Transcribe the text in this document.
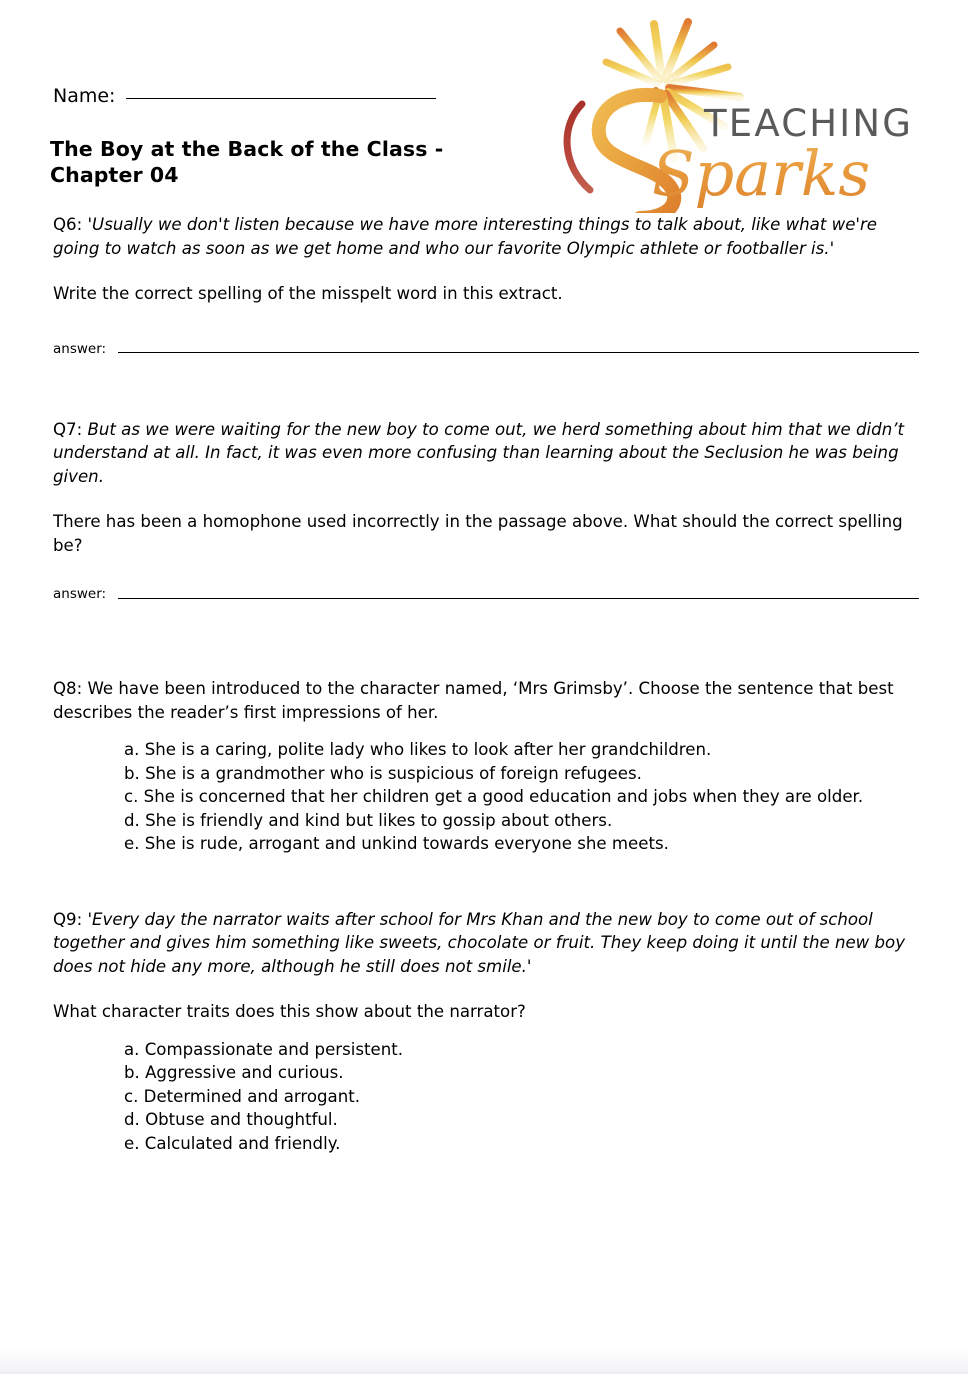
Name:
The Boy at the Back of the Class - Chapter 04
TEACHING
Sparks

Q6: 'Usually we don't listen because we have more interesting things to talk about, like what we're going to watch as soon as we get home and who our favorite Olympic athlete or footballer is.'

Write the correct spelling of the misspelt word in this extract.

answer:

Q7: But as we were waiting for the new boy to come out, we herd something about him that we didn’t understand at all. In fact, it was even more confusing than learning about the Seclusion he was being given.

There has been a homophone used incorrectly in the passage above. What should the correct spelling be?

answer:

Q8: We have been introduced to the character named, ‘Mrs Grimsby’. Choose the sentence that best describes the reader’s first impressions of her.

a. She is a caring, polite lady who likes to look after her grandchildren.
b. She is a grandmother who is suspicious of foreign refugees.
c. She is concerned that her children get a good education and jobs when they are older.
d. She is friendly and kind but likes to gossip about others.
e. She is rude, arrogant and unkind towards everyone she meets.

Q9: 'Every day the narrator waits after school for Mrs Khan and the new boy to come out of school together and gives him something like sweets, chocolate or fruit. They keep doing it until the new boy does not hide any more, although he still does not smile.'

What character traits does this show about the narrator?

a. Compassionate and persistent.
b. Aggressive and curious.
c. Determined and arrogant.
d. Obtuse and thoughtful.
e. Calculated and friendly.
